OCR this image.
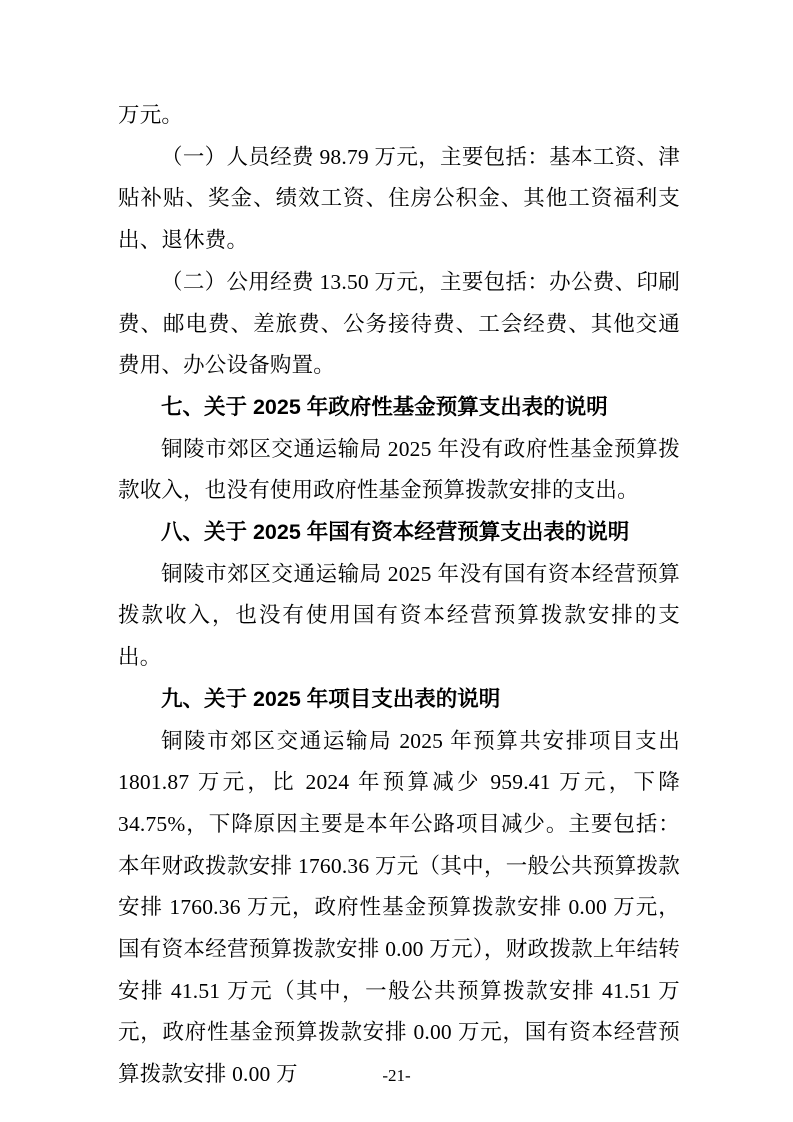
万元。
（一）人员经费 98.79 万元，主要包括：基本工资、津贴补贴、奖金、绩效工资、住房公积金、其他工资福利支出、退休费。
（二）公用经费 13.50 万元，主要包括：办公费、印刷费、邮电费、差旅费、公务接待费、工会经费、其他交通费用、办公设备购置。
七、关于 2025 年政府性基金预算支出表的说明
铜陵市郊区交通运输局 2025 年没有政府性基金预算拨款收入，也没有使用政府性基金预算拨款安排的支出。
八、关于 2025 年国有资本经营预算支出表的说明
铜陵市郊区交通运输局 2025 年没有国有资本经营预算拨款收入，也没有使用国有资本经营预算拨款安排的支出。
九、关于 2025 年项目支出表的说明
铜陵市郊区交通运输局 2025 年预算共安排项目支出 1801.87 万元，比 2024 年预算减少 959.41 万元，下降 34.75%，下降原因主要是本年公路项目减少。主要包括：本年财政拨款安排 1760.36 万元（其中，一般公共预算拨款安排 1760.36 万元，政府性基金预算拨款安排 0.00 万元，国有资本经营预算拨款安排 0.00 万元），财政拨款上年结转安排 41.51 万元（其中，一般公共预算拨款安排 41.51 万元，政府性基金预算拨款安排 0.00 万元，国有资本经营预算拨款安排 0.00 万	-21-
